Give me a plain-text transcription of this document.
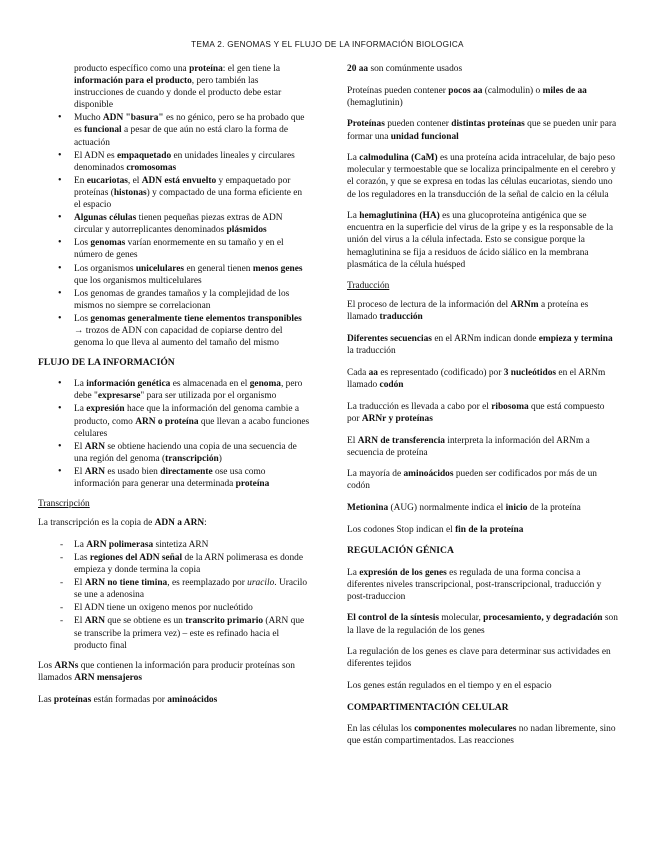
TEMA 2. GENOMAS Y EL FLUJO DE LA INFORMACIÓN BIOLOGICA
producto específico como una proteína: el gen tiene la información para el producto, pero también las instrucciones de cuando y donde el producto debe estar disponible
• Mucho ADN "basura" es no génico, pero se ha probado que es funcional a pesar de que aún no está claro la forma de actuación
• El ADN es empaquetado en unidades lineales y circulares denominados cromosomas
• En eucariotas, el ADN está envuelto y empaquetado por proteínas (histonas) y compactado de una forma eficiente en el espacio
• Algunas células tienen pequeñas piezas extras de ADN circular y autorreplicantes denominados plásmidos
• Los genomas varían enormemente en su tamaño y en el número de genes
• Los organismos unicelulares en general tienen menos genes que los organismos multicelulares
• Los genomas de grandes tamaños y la complejidad de los mismos no siempre se correlacionan
• Los genomas generalmente tiene elementos transponibles → trozos de ADN con capacidad de copiarse dentro del genoma lo que lleva al aumento del tamaño del mismo
FLUJO DE LA INFORMACIÓN
• La información genética es almacenada en el genoma, pero debe "expresarse" para ser utilizada por el organismo
• La expresión hace que la información del genoma cambie a producto, como ARN o proteína que llevan a acabo funciones celulares
• El ARN se obtiene haciendo una copia de una secuencia de una región del genoma (transcripción)
• El ARN es usado bien directamente ose usa como información para generar una determinada proteína
Transcripción

La transcripción es la copia de ADN a ARN:

- La ARN polimerasa sintetiza ARN
- Las regiones del ADN señal de la ARN polimerasa es donde empieza y donde termina la copia
- El ARN no tiene timina, es reemplazado por uracilo. Uracilo se une a adenosina
- El ADN tiene un oxigeno menos por nucleótido
- El ARN que se obtiene es un transcrito primario (ARN que se transcribe la primera vez) – este es refinado hacia el producto final

Los ARNs que contienen la información para producir proteínas son llamados ARN mensajeros

Las proteínas están formadas por aminoácidos

20 aa son comúnmente usados

Proteínas pueden contener pocos aa (calmodulin) o miles de aa (hemaglutinin)

Proteínas pueden contener distintas proteínas que se pueden unir para formar una unidad funcional

La calmodulina (CaM) es una proteína acida intracelular, de bajo peso molecular y termoestable que se localiza principalmente en el cerebro y el corazón, y que se expresa en todas las células eucariotas, siendo uno de los reguladores en la transducción de la señal de calcio en la célula

La hemaglutinina (HA) es una glucoproteína antigénica que se encuentra en la superficie del virus de la gripe y es la responsable de la unión del virus a la célula infectada. Esto se consigue porque la hemaglutinina se fija a residuos de ácido siálico en la membrana plasmática de la célula huésped

Traducción

El proceso de lectura de la información del ARNm a proteína es llamado traducción

Diferentes secuencias en el ARNm indican donde empieza y termina la traducción

Cada aa es representado (codificado) por 3 nucleótidos en el ARNm llamado codón

La traducción es llevada a cabo por el ribosoma que está compuesto por ARNr y proteínas

El ARN de transferencia interpreta la información del ARNm a secuencia de proteína

La mayoría de aminoácidos pueden ser codificados por más de un codón

Metionina (AUG) normalmente indica el inicio de la proteína

Los codones Stop indican el fin de la proteína

REGULACIÓN GÉNICA

La expresión de los genes es regulada de una forma concisa a diferentes niveles transcripcional, post-transcripcional, traducción y post-traduccion

El control de la síntesis molecular, procesamiento, y degradación son la llave de la regulación de los genes

La regulación de los genes es clave para determinar sus actividades en diferentes tejidos

Los genes están regulados en el tiempo y en el espacio

COMPARTIMENTACIÓN CELULAR

En las células los componentes moleculares no nadan libremente, sino que están compartimentados. Las reacciones
